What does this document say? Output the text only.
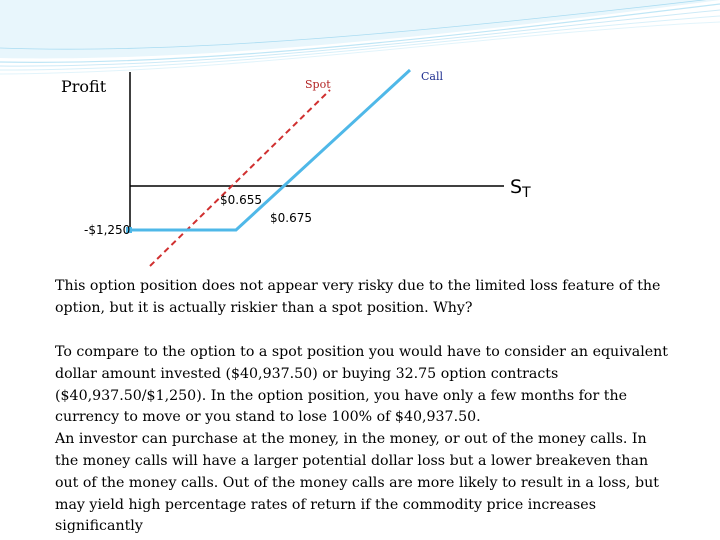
Profit	Spot
Call
$S_T$
$0.655
$0.675
-$1,250

This option position does not appear very risky due to the limited loss feature of the option, but it is actually riskier than a spot position. Why?

To compare to the option to a spot position you would have to consider an equivalent dollar amount invested ($40,937.50) or buying 32.75 option contracts ($40,937.50/$1,250). In the option position, you have only a few months for the currency to move or you stand to lose 100% of $40,937.50.

An investor can purchase at the money, in the money, or out of the money calls. In the money calls will have a larger potential dollar loss but a lower breakeven than out of the money calls. Out of the money calls are more likely to result in a loss, but may yield high percentage rates of return if the commodity price increases significantly
